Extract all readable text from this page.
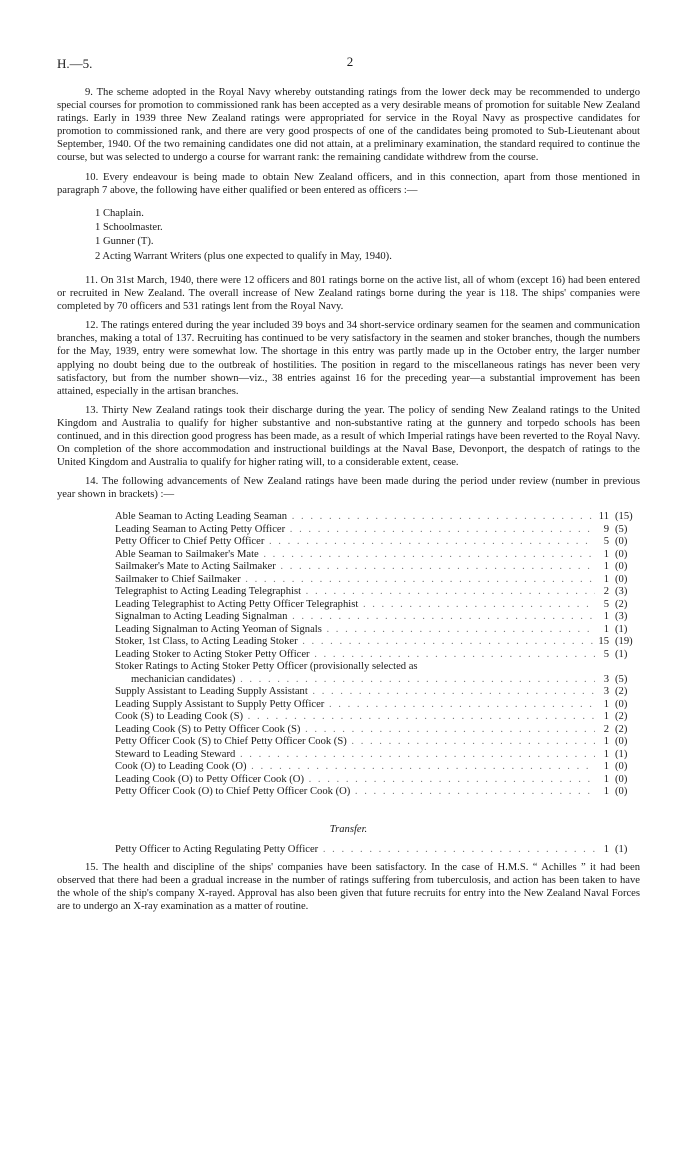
H.—5.	2

9. The scheme adopted in the Royal Navy whereby outstanding ratings from the lower deck may be recommended to undergo special courses for promotion to commissioned rank has been accepted as a very desirable means of promotion for suitable New Zealand ratings. Early in 1939 three New Zealand ratings were appropriated for service in the Royal Navy as prospective candidates for promotion to commissioned rank, and there are very good prospects of one of the candidates being promoted to Sub-Lieutenant about September, 1940. Of the two remaining candidates one did not attain, at a preliminary examination, the standard required to continue the course, but was selected to undergo a course for warrant rank: the remaining candidate withdrew from the course.

10. Every endeavour is being made to obtain New Zealand officers, and in this connection, apart from those mentioned in paragraph 7 above, the following have either qualified or been entered as officers :—

1 Chaplain.
1 Schoolmaster.
1 Gunner (T).
2 Acting Warrant Writers (plus one expected to qualify in May, 1940).

11. On 31st March, 1940, there were 12 officers and 801 ratings borne on the active list, all of whom (except 16) had been entered or recruited in New Zealand. The overall increase of New Zealand ratings borne during the year is 118. The ships' companies were completed by 70 officers and 531 ratings lent from the Royal Navy.

12. The ratings entered during the year included 39 boys and 34 short-service ordinary seamen for the seamen and communication branches, making a total of 137. Recruiting has continued to be very satisfactory in the seamen and stoker branches, though the numbers for the May, 1939, entry were somewhat low. The shortage in this entry was partly made up in the October entry, the larger number applying no doubt being due to the outbreak of hostilities. The position in regard to the miscellaneous ratings has never been very satisfactory, but from the number shown—viz., 38 entries against 16 for the preceding year—a substantial improvement has been attained, especially in the artisan branches.

13. Thirty New Zealand ratings took their discharge during the year. The policy of sending New Zealand ratings to the United Kingdom and Australia to qualify for higher substantive and non-substantive rating at the gunnery and torpedo schools has been continued, and in this direction good progress has been made, as a result of which Imperial ratings have been reverted to the Royal Navy. On completion of the shore accommodation and instructional buildings at the Naval Base, Devonport, the despatch of ratings to the United Kingdom and Australia to qualify for higher rating will, to a considerable extent, cease.

14. The following advancements of New Zealand ratings have been made during the period under review (number in previous year shown in brackets) :—

Able Seaman to Acting Leading Seaman . . .	11 (15)
Leading Seaman to Acting Petty Officer . . .	9 (5)
Petty Officer to Chief Petty Officer . . .	5 (0)
Able Seaman to Sailmaker's Mate . . .	1 (0)
Sailmaker's Mate to Acting Sailmaker . . .	1 (0)
Sailmaker to Chief Sailmaker . . .	1 (0)
Telegraphist to Acting Leading Telegraphist . . .	2 (3)
Leading Telegraphist to Acting Petty Officer Telegraphist . . .	5 (2)
Signalman to Acting Leading Signalman . . .	1 (3)
Leading Signalman to Acting Yeoman of Signals . . .	1 (1)
Stoker, 1st Class, to Acting Leading Stoker . . .	15 (19)
Leading Stoker to Acting Stoker Petty Officer . . .	5 (1)
Stoker Ratings to Acting Stoker Petty Officer (provisionally selected as
mechanician candidates) . . .	3 (5)
Supply Assistant to Leading Supply Assistant . . .	3 (2)
Leading Supply Assistant to Supply Petty Officer . . .	1 (0)
Cook (S) to Leading Cook (S) . . .	1 (2)
Leading Cook (S) to Petty Officer Cook (S) . . .	2 (2)
Petty Officer Cook (S) to Chief Petty Officer Cook (S) . . .	1 (0)
Steward to Leading Steward . . .	1 (1)
Cook (O) to Leading Cook (O) . . .	1 (0)
Leading Cook (O) to Petty Officer Cook (O) . . .	1 (0)
Petty Officer Cook (O) to Chief Petty Officer Cook (O) . . .	1 (0)
Transfer.
Petty Officer to Acting Regulating Petty Officer . . .	1 (1)

15. The health and discipline of the ships' companies have been satisfactory. In the case of H.M.S. “ Achilles ” it had been observed that there had been a gradual increase in the number of ratings suffering from tuberculosis, and action has been taken to have the whole of the ship's company X-rayed. Approval has also been given that future recruits for entry into the New Zealand Naval Forces are to undergo an X-ray examination as a matter of routine.
